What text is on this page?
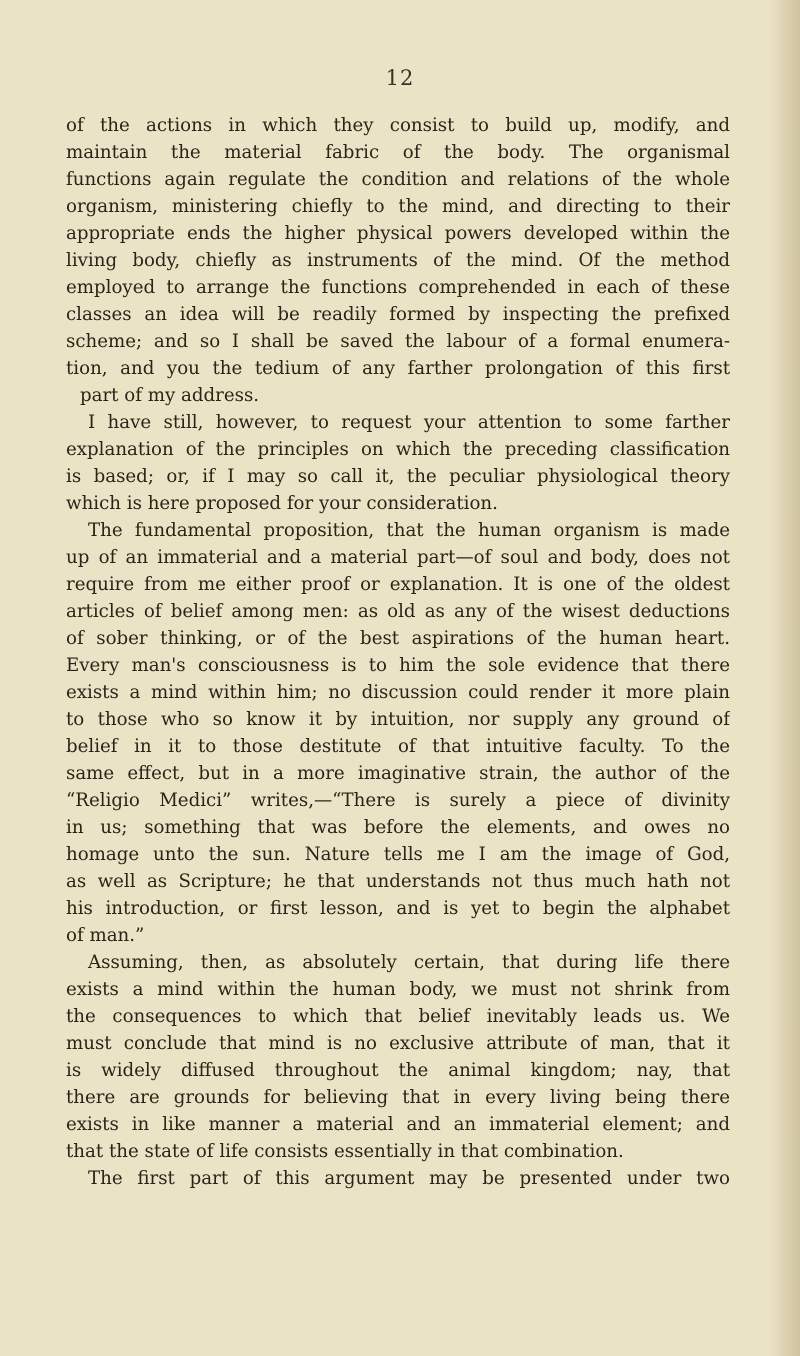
12
of the actions in which they consist to build up, modify, and
maintain the material fabric of the body. The organismal
functions again regulate the condition and relations of the whole
organism, ministering chiefly to the mind, and directing to their
appropriate ends the higher physical powers developed within the
living body, chiefly as instruments of the mind. Of the method
employed to arrange the functions comprehended in each of these
classes an idea will be readily formed by inspecting the prefixed
scheme; and so I shall be saved the labour of a formal enumera-
tion, and you the tedium of any farther prolongation of this first
part of my address.
I have still, however, to request your attention to some farther
explanation of the principles on which the preceding classification
is based; or, if I may so call it, the peculiar physiological theory
which is here proposed for your consideration.
The fundamental proposition, that the human organism is made
up of an immaterial and a material part—of soul and body, does not
require from me either proof or explanation. It is one of the oldest
articles of belief among men: as old as any of the wisest deductions
of sober thinking, or of the best aspirations of the human heart.
Every man's consciousness is to him the sole evidence that there
exists a mind within him; no discussion could render it more plain
to those who so know it by intuition, nor supply any ground of
belief in it to those destitute of that intuitive faculty. To the
same effect, but in a more imaginative strain, the author of the
“Religio Medici” writes,—“There is surely a piece of divinity
in us; something that was before the elements, and owes no
homage unto the sun. Nature tells me I am the image of God,
as well as Scripture; he that understands not thus much hath not
his introduction, or first lesson, and is yet to begin the alphabet
of man.”
Assuming, then, as absolutely certain, that during life there
exists a mind within the human body, we must not shrink from
the consequences to which that belief inevitably leads us. We
must conclude that mind is no exclusive attribute of man, that it
is widely diffused throughout the animal kingdom; nay, that
there are grounds for believing that in every living being there
exists in like manner a material and an immaterial element; and
that the state of life consists essentially in that combination.
The first part of this argument may be presented under two
